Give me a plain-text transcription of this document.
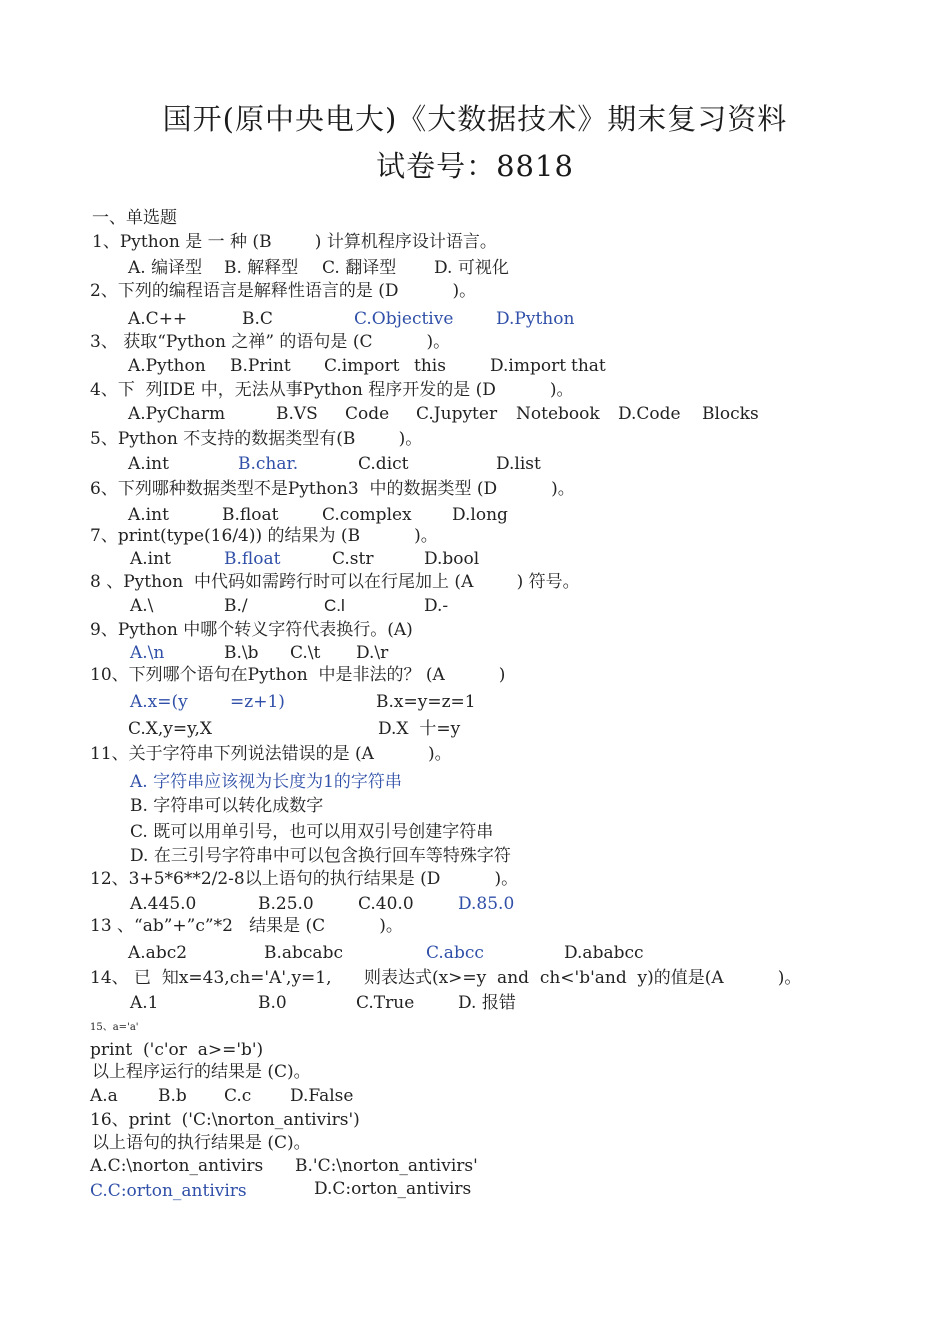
国开(原中央电大)《大数据技术》期末复习资料
试卷号：8818
一、单选题
1、Python 是 一 种 (B        ) 计算机程序设计语言。
A. 编译型 B. 解释型 C. 翻译型 D. 可视化
2、下列的编程语言是解释性语言的是 (D          )。
A.C++	B.C	C.Objective	D.Python
3、 获取“Python 之禅” 的语句是 (C          )。
A.Python B.Print C.import this	D.import that
4、下  列IDE 中，无法从事Python 程序开发的是 (D          )。
A.PyCharm	B.VS Code C.Jupyter Notebook D.Code Blocks
5、Python 不支持的数据类型有(B        )。
A.int	B.char.	C.dict	D.list
6、下列哪种数据类型不是Python3  中的数据类型 (D          )。
A.int	B.float	C.complex D.long
7、print(type(16/4)) 的结果为 (B          )。
A.int	B.float	C.str	D.bool
8 、Python  中代码如需跨行时可以在行尾加上 (A        ) 符号。
A.\	B./	C.l	D.-
9、Python 中哪个转义字符代表换行。(A)
A.\n	B.\b C.\t D.\r
10、下列哪个语句在Python  中是非法的？ (A          )
A.x=(y =z+1)	B.x=y=z=1
C.X,y=y,X	D.X  十=y
11、关于字符串下列说法错误的是 (A          )。
A. 字符串应该视为长度为1的字符串
B. 字符串可以转化成数字
C. 既可以用单引号，也可以用双引号创建字符串
D. 在三引号字符串中可以包含换行回车等特殊字符
12、3+5*6**2/2-8以上语句的执行结果是 (D          )。
A.445.0	B.25.0	C.40.0	D.85.0
13 、“ab”+”c”*2   结果是 (C          )。
A.abc2	B.abcabc	C.abcc	D.ababcc
14、 已  知x=43,ch='A',y=1,      则表达式(x>=y  and  ch<'b'and  y)的值是(A          )。
A.1	B.0	C.True	D. 报错
15、a='a'
print  ('c'or  a>='b')
以上程序运行的结果是 (C)。
A.a B.b C.c D.False
16、print  ('C:\norton_antivirs')
以上语句的执行结果是 (C)。
A.C:\norton_antivirs B.'C:\norton_antivirs'
C.C:orton_antivirs	D.C:orton_antivirs
